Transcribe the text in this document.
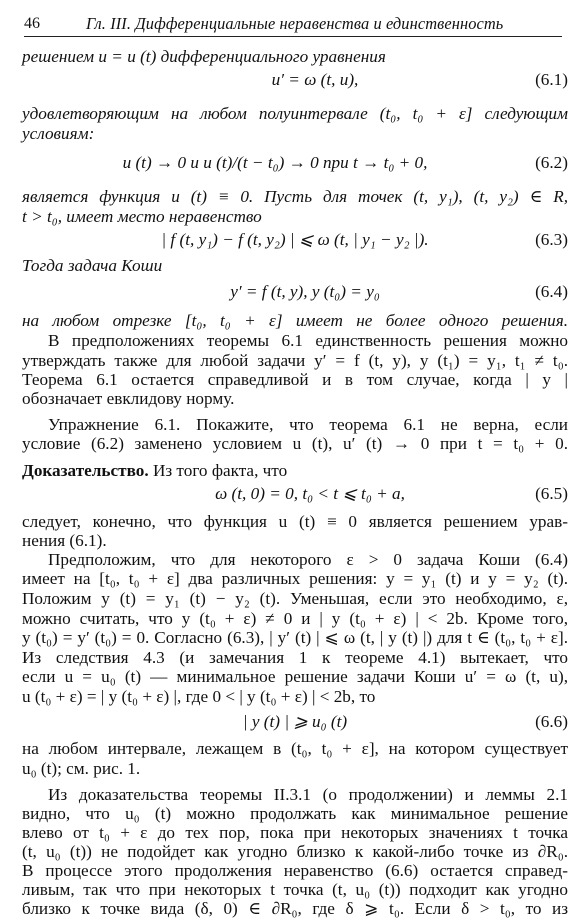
46	Гл. III. Дифференциальные неравенства и единственность
решением u = u (t) дифференциального уравнения
u′ = ω (t, u),	(6.1)
удовлетворяющим на любом полуинтервале (t₀, t₀ + ε] следующим
условиям:
u (t) → 0 и u (t)/(t − t₀) → 0 при t → t₀ + 0,	(6.2)
является функция u (t) ≡ 0. Пусть для точек (t, y₁), (t, y₂) ∈ R,
t > t₀, имеет место неравенство
| f (t, y₁) − f (t, y₂) | ⩽ ω (t, | y₁ − y₂ |).	(6.3)
Тогда задача Коши
y′ = f (t, y), y (t₀) = y₀	(6.4)
на любом отрезке [t₀, t₀ + ε] имеет не более одного решения.
В предположениях теоремы 6.1 единственность решения можно
утверждать также для любой задачи y′ = f (t, y), y (t₁) = y₁, t₁ ≠ t₀.
Теорема 6.1 остается справедливой и в том случае, когда | y |
обозначает евклидову норму.
Упражнение 6.1. Покажите, что теорема 6.1 не верна, если
условие (6.2) заменено условием u (t), u′ (t) → 0 при t = t₀ + 0.
Доказательство. Из того факта, что
ω (t, 0) = 0, t₀ < t ⩽ t₀ + a,	(6.5)
следует, конечно, что функция u (t) ≡ 0 является решением урав-
нения (6.1).
Предположим, что для некоторого ε > 0 задача Коши (6.4)
имеет на [t₀, t₀ + ε] два различных решения: y = y₁ (t) и y = y₂ (t).
Положим y (t) = y₁ (t) − y₂ (t). Уменьшая, если это необходимо, ε,
можно считать, что y (t₀ + ε) ≠ 0 и | y (t₀ + ε) | < 2b. Кроме того,
y (t₀) = y′ (t₀) = 0. Согласно (6.3), | y′ (t) | ⩽ ω (t, | y (t) |) для t ∈ (t₀, t₀ + ε].
Из следствия 4.3 (и замечания 1 к теореме 4.1) вытекает, что
если u = u₀ (t) — минимальное решение задачи Коши u′ = ω (t, u),
u (t₀ + ε) = | y (t₀ + ε) |, где 0 < | y (t₀ + ε) | < 2b, то
| y (t) | ⩾ u₀ (t)	(6.6)
на любом интервале, лежащем в (t₀, t₀ + ε], на котором существует
u₀ (t); см. рис. 1.
Из доказательства теоремы II.3.1 (о продолжении) и леммы 2.1
видно, что u₀ (t) можно продолжать как минимальное решение
влево от t₀ + ε до тех пор, пока при некоторых значениях t точка
(t, u₀ (t)) не подойдет как угодно близко к какой-либо точке из ∂R₀.
В процессе этого продолжения неравенство (6.6) остается справед-
ливым, так что при некоторых t точка (t, u₀ (t)) подходит как угодно
близко к точке вида (δ, 0) ∈ ∂R₀, где δ ⩾ t₀. Если δ > t₀, то из
